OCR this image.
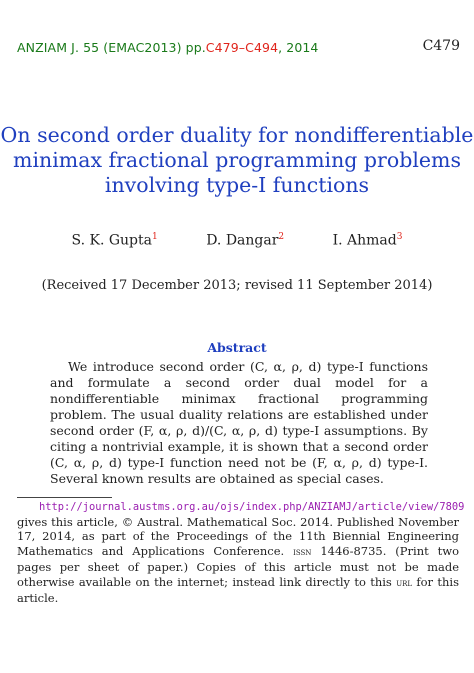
ANZIAM J. 55 (EMAC2013) pp.C479–C494, 2014	C479
On second order duality for nondifferentiable
minimax fractional programming problems
involving type-I functions
S. K. Gupta$^1$	D. Dangar$^2$	I. Ahmad$^3$
(Received 17 December 2013; revised 11 September 2014)
Abstract
We introduce second order (C, α, ρ, d) type-I functions and formulate a second order dual model for a nondifferentiable minimax fractional programming problem. The usual duality relations are established under second order (F, α, ρ, d)/(C, α, ρ, d) type-I assumptions. By citing a nontrivial example, it is shown that a second order (C, α, ρ, d) type-I function need not be (F, α, ρ, d) type-I. Several known results are obtained as special cases.
http://journal.austms.org.au/ojs/index.php/ANZIAMJ/article/view/7809
gives this article, © Austral. Mathematical Soc. 2014. Published November 17, 2014, as part of the Proceedings of the 11th Biennial Engineering Mathematics and Applications Conference. issn 1446-8735. (Print two pages per sheet of paper.) Copies of this article must not be made otherwise available on the internet; instead link directly to this url for this article.
